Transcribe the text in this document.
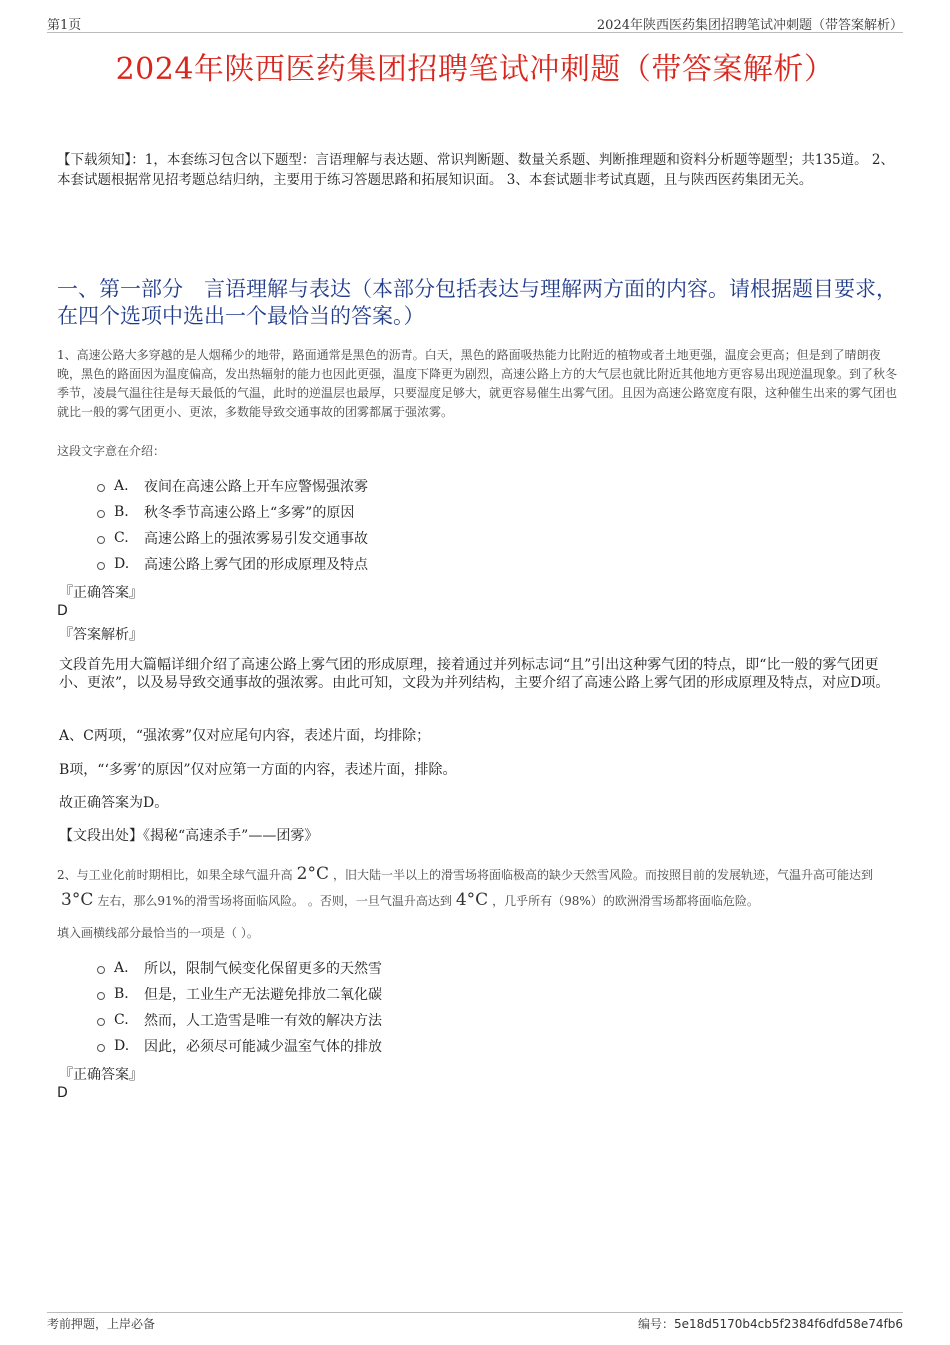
第1页	2024年陕西医药集团招聘笔试冲刺题（带答案解析）
2024年陕西医药集团招聘笔试冲刺题（带答案解析）
【下载须知】：1，本套练习包含以下题型：言语理解与表达题、常识判断题、数量关系题、判断推理题和资料分析题等题型；共135道。 2、本套试题根据常见招考题总结归纳，主要用于练习答题思路和拓展知识面。 3、本套试题非考试真题，且与陕西医药集团无关。
一、第一部分　言语理解与表达（本部分包括表达与理解两方面的内容。请根据题目要求，在四个选项中选出一个最恰当的答案。）
1、高速公路大多穿越的是人烟稀少的地带，路面通常是黑色的沥青。白天，黑色的路面吸热能力比附近的植物或者土地更强，温度会更高；但是到了晴朗夜晚，黑色的路面因为温度偏高，发出热辐射的能力也因此更强，温度下降更为剧烈，高速公路上方的大气层也就比附近其他地方更容易出现逆温现象。到了秋冬季节，凌晨气温往往是每天最低的气温，此时的逆温层也最厚，只要湿度足够大，就更容易催生出雾气团。且因为高速公路宽度有限，这种催生出来的雾气团也就比一般的雾气团更小、更浓，多数能导致交通事故的团雾都属于强浓雾。
这段文字意在介绍：
A.	夜间在高速公路上开车应警惕强浓雾
B.	秋冬季节高速公路上“多雾”的原因
C.	高速公路上的强浓雾易引发交通事故
D.	高速公路上雾气团的形成原理及特点
『正确答案』
D
『答案解析』
文段首先用大篇幅详细介绍了高速公路上雾气团的形成原理，接着通过并列标志词“且”引出这种雾气团的特点，即“比一般的雾气团更小、更浓”，以及易导致交通事故的强浓雾。由此可知，文段为并列结构，主要介绍了高速公路上雾气团的形成原理及特点，对应D项。
A、C两项，“强浓雾”仅对应尾句内容，表述片面，均排除；
B项，“‘多雾’的原因”仅对应第一方面的内容，表述片面，排除。
故正确答案为D。
【文段出处】《揭秘“高速杀手”——团雾》
2、与工业化前时期相比，如果全球气温升高 2°C ，旧大陆一半以上的滑雪场将面临极高的缺少天然雪风险。而按照目前的发展轨迹，气温升高可能达到3°C 左右，那么91%的滑雪场将面临风险。 。否则，一旦气温升高达到 4°C ，几乎所有（98%）的欧洲滑雪场都将面临危险。
填入画横线部分最恰当的一项是（ ）。
A.	所以，限制气候变化保留更多的天然雪
B.	但是，工业生产无法避免排放二氧化碳
C.	然而，人工造雪是唯一有效的解决方法
D.	因此，必须尽可能减少温室气体的排放
『正确答案』
D
考前押题，上岸必备	编号：5e18d5170b4cb5f2384f6dfd58e74fb6
